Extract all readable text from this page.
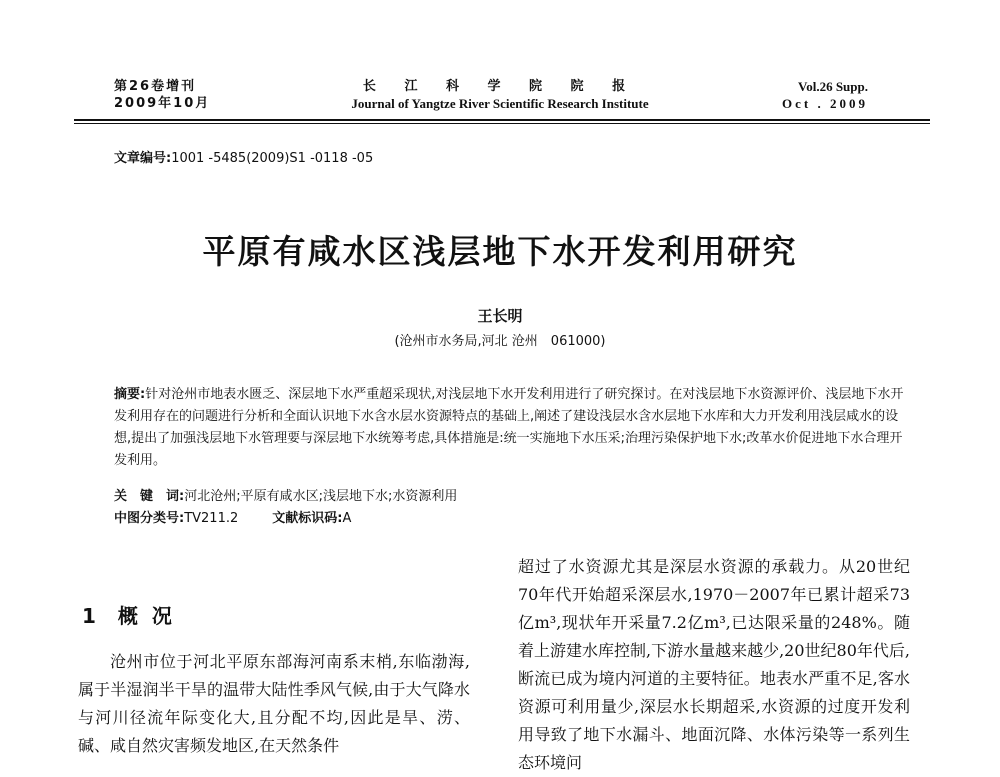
第26卷增刊
2009年10月
长 江 科 学 院 院 报
Journal of Yangtze River Scientific Research Institute
Vol.26 Supp.
Oct . 2009
文章编号:1001 -5485(2009)S1 -0118 -05
平原有咸水区浅层地下水开发利用研究
王长明
(沧州市水务局,河北 沧州　061000)
摘要:针对沧州市地表水匮乏、深层地下水严重超采现状,对浅层地下水开发利用进行了研究探讨。在对浅层地下水资源评价、浅层地下水开发利用存在的问题进行分析和全面认识地下水含水层水资源特点的基础上,阐述了建设浅层水含水层地下水库和大力开发利用浅层咸水的设想,提出了加强浅层地下水管理要与深层地下水统筹考虑,具体措施是:统一实施地下水压采;治理污染保护地下水;改革水价促进地下水合理开发利用。
关　键　词:河北沧州;平原有咸水区;浅层地下水;水资源利用
中图分类号:TV211.2	文献标识码:A
1 概况
沧州市位于河北平原东部海河南系末梢,东临渤海,属于半湿润半干旱的温带大陆性季风气候,由于大气降水与河川径流年际变化大,且分配不均,因此是旱、涝、碱、咸自然灾害频发地区,在天然条件
超过了水资源尤其是深层水资源的承载力。从20世纪70年代开始超采深层水,1970－2007年已累计超采73亿m³,现状年开采量7.2亿m³,已达限采量的248%。随着上游建水库控制,下游水量越来越少,20世纪80年代后,断流已成为境内河道的主要特征。地表水严重不足,客水资源可利用量少,深层水长期超采,水资源的过度开发利用导致了地下水漏斗、地面沉降、水体污染等一系列生态环境问
